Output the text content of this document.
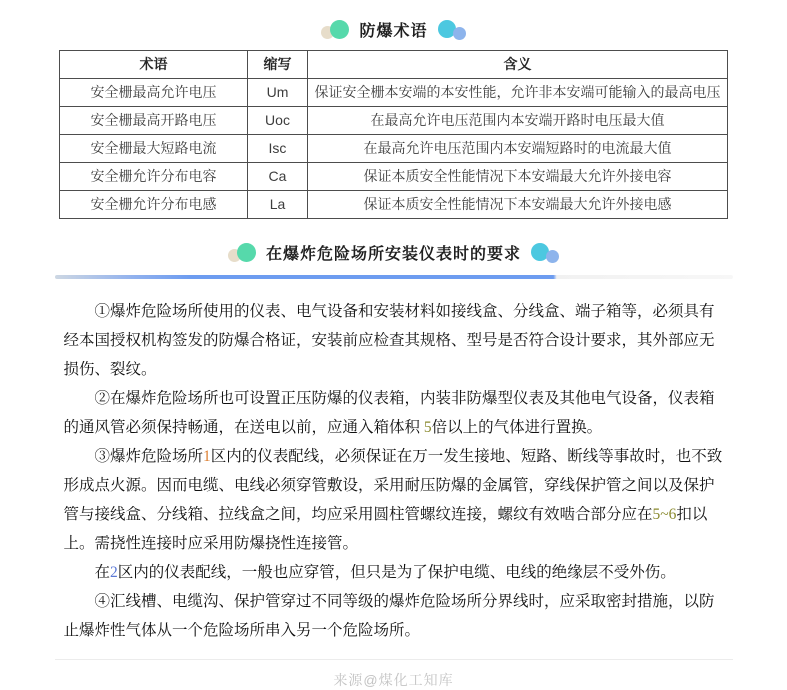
防爆术语
术语	缩写	含义
安全栅最高允许电压	Um	保证安全栅本安端的本安性能，允许非本安端可能输入的最高电压
安全栅最高开路电压	Uoc	在最高允许电压范围内本安端开路时电压最大值
安全栅最大短路电流	Isc	在最高允许电压范围内本安端短路时的电流最大值
安全栅允许分布电容	Ca	保证本质安全性能情况下本安端最大允许外接电容
安全栅允许分布电感	La	保证本质安全性能情况下本安端最大允许外接电感
在爆炸危险场所安装仪表时的要求

①爆炸危险场所使用的仪表、电气设备和安装材料如接线盒、分线盒、端子箱等，必须具有经本国授权机构签发的防爆合格证，安装前应检查其规格、型号是否符合设计要求，其外部应无损伤、裂纹。

②在爆炸危险场所也可设置正压防爆的仪表箱，内装非防爆型仪表及其他电气设备，仪表箱的通风管必须保持畅通，在送电以前，应通入箱体积 5倍以上的气体进行置换。

③爆炸危险场所1区内的仪表配线，必须保证在万一发生接地、短路、断线等事故时，也不致形成点火源。因而电缆、电线必须穿管敷设，采用耐压防爆的金属管，穿线保护管之间以及保护管与接线盒、分线箱、拉线盒之间，均应采用圆柱管螺纹连接，螺纹有效啮合部分应在5~6扣以上。需挠性连接时应采用防爆挠性连接管。

在2区内的仪表配线，一般也应穿管，但只是为了保护电缆、电线的绝缘层不受外伤。

④汇线槽、电缆沟、保护管穿过不同等级的爆炸危险场所分界线时，应采取密封措施，以防止爆炸性气体从一个危险场所串入另一个危险场所。

来源@煤化工知库
